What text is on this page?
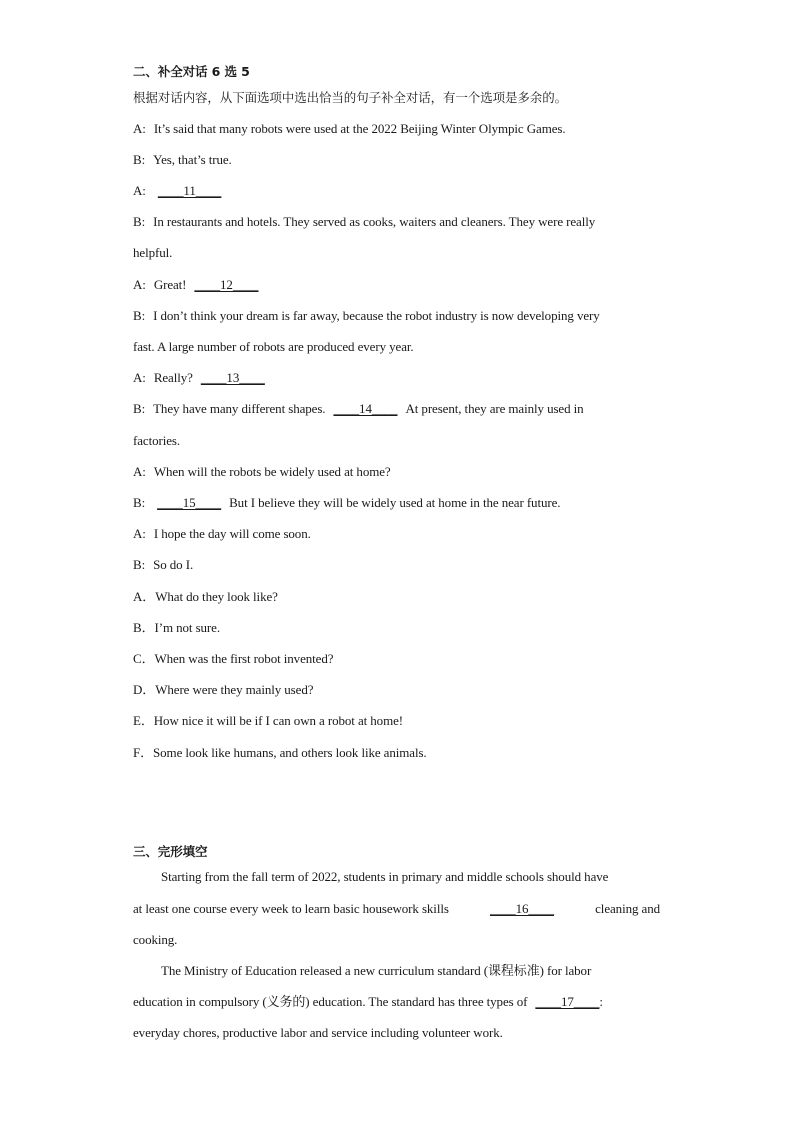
二、补全对话 6 选 5
根据对话内容，从下面选项中选出恰当的句子补全对话，有一个选项是多余的。
A: It’s said that many robots were used at the 2022 Beijing Winter Olympic Games.
B: Yes, that’s true.
A: ____11____
B: In restaurants and hotels. They served as cooks, waiters and cleaners. They were really
helpful.
A: Great! ____12____
B: I don’t think your dream is far away, because the robot industry is now developing very
fast. A large number of robots are produced every year.
A: Really? ____13____
B: They have many different shapes. ____14____ At present, they are mainly used in
factories.
A: When will the robots be widely used at home?
B: ____15____ But I believe they will be widely used at home in the near future.
A: I hope the day will come soon.
B: So do I.
A．What do they look like?
B．I’m not sure.
C．When was the first robot invented?
D．Where were they mainly used?
E．How nice it will be if I can own a robot at home!
F．Some look like humans, and others look like animals.
三、完形填空
Starting from the fall term of 2022, students in primary and middle schools should have
at least one course every week to learn basic housework skills	____16____	cleaning and
cooking.
The Ministry of Education released a new curriculum standard (课程标准) for labor
education in compulsory (义务的) education. The standard has three types of ____17____:
everyday chores, productive labor and service including volunteer work.
